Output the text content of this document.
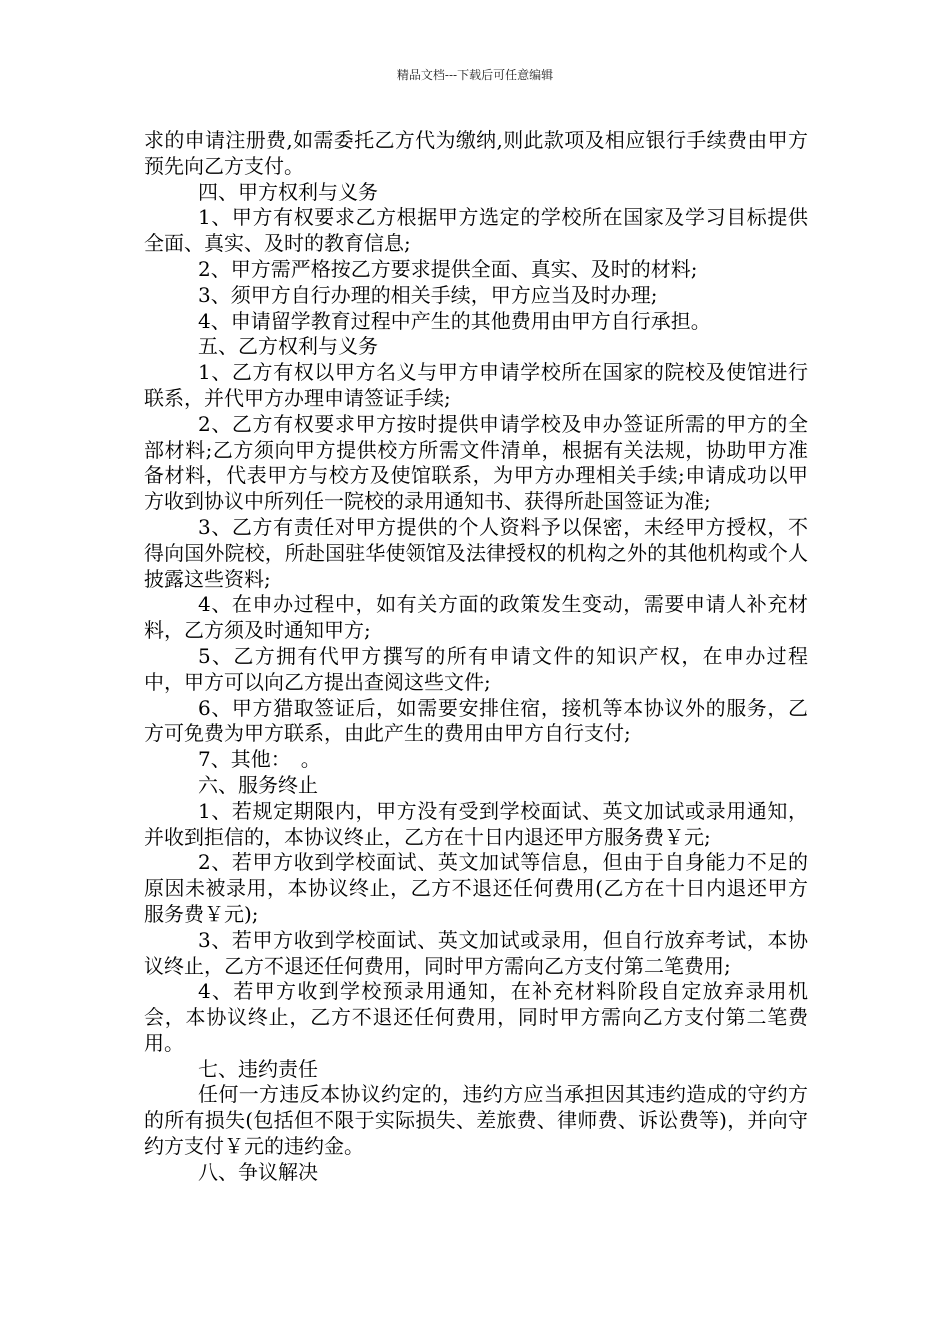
精品文档---下载后可任意编辑

求的申请注册费,如需委托乙方代为缴纳,则此款项及相应银行手续费由甲方预先向乙方支付。

四、甲方权利与义务

1、甲方有权要求乙方根据甲方选定的学校所在国家及学习目标提供全面、真实、及时的教育信息;

2、甲方需严格按乙方要求提供全面、真实、及时的材料;

3、须甲方自行办理的相关手续，甲方应当及时办理;

4、申请留学教育过程中产生的其他费用由甲方自行承担。

五、乙方权利与义务

1、乙方有权以甲方名义与甲方申请学校所在国家的院校及使馆进行联系，并代甲方办理申请签证手续;

2、乙方有权要求甲方按时提供申请学校及申办签证所需的甲方的全部材料;乙方须向甲方提供校方所需文件清单，根据有关法规，协助甲方准备材料，代表甲方与校方及使馆联系，为甲方办理相关手续;申请成功以甲方收到协议中所列任一院校的录用通知书、获得所赴国签证为准;

3、乙方有责任对甲方提供的个人资料予以保密，未经甲方授权，不得向国外院校，所赴国驻华使领馆及法律授权的机构之外的其他机构或个人披露这些资料;

4、在申办过程中，如有关方面的政策发生变动，需要申请人补充材料，乙方须及时通知甲方;

5、乙方拥有代甲方撰写的所有申请文件的知识产权，在申办过程中，甲方可以向乙方提出查阅这些文件;

6、甲方猎取签证后，如需要安排住宿，接机等本协议外的服务，乙方可免费为甲方联系，由此产生的费用由甲方自行支付;

7、其他：　。

六、服务终止

1、若规定期限内，甲方没有受到学校面试、英文加试或录用通知，并收到拒信的，本协议终止，乙方在十日内退还甲方服务费￥元;

2、若甲方收到学校面试、英文加试等信息，但由于自身能力不足的原因未被录用，本协议终止，乙方不退还任何费用(乙方在十日内退还甲方服务费￥元);

3、若甲方收到学校面试、英文加试或录用，但自行放弃考试，本协议终止，乙方不退还任何费用，同时甲方需向乙方支付第二笔费用;

4、若甲方收到学校预录用通知，在补充材料阶段自定放弃录用机会，本协议终止，乙方不退还任何费用，同时甲方需向乙方支付第二笔费用。

七、违约责任

任何一方违反本协议约定的，违约方应当承担因其违约造成的守约方的所有损失(包括但不限于实际损失、差旅费、律师费、诉讼费等)，并向守约方支付￥元的违约金。

八、争议解决
